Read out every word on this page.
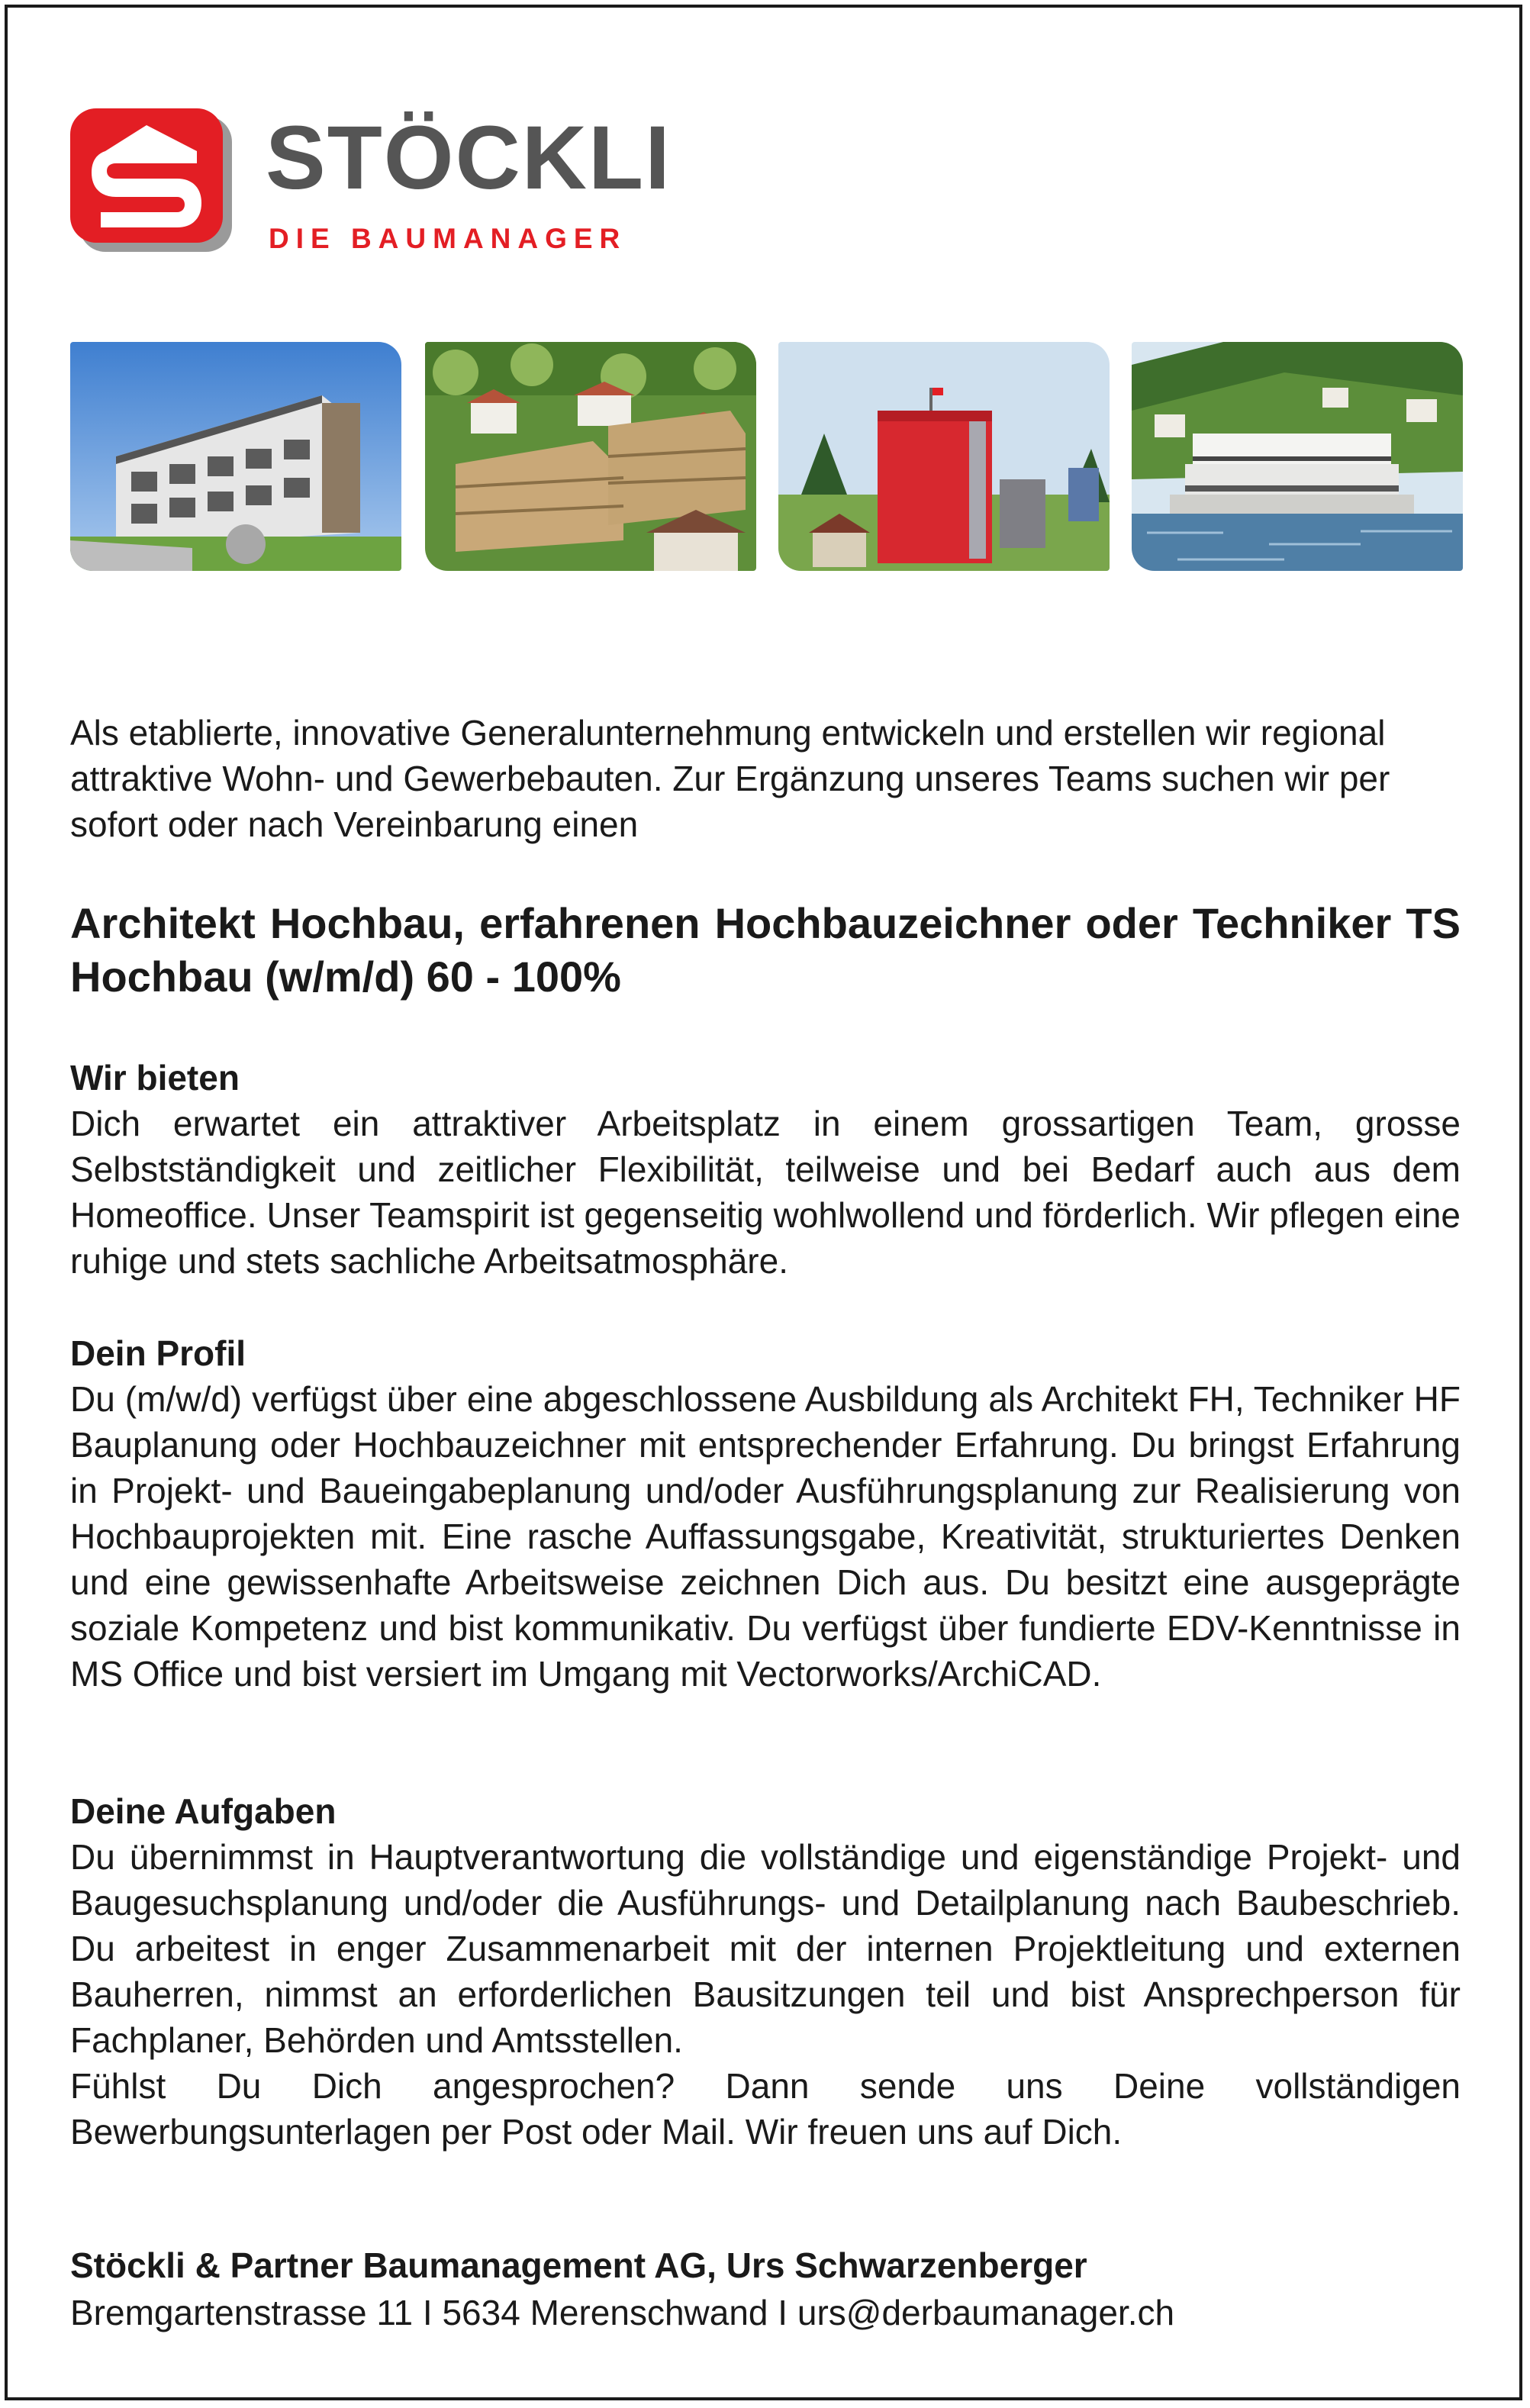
STÖCKLI
DIE BAUMANAGER
Als etablierte, innovative Generalunternehmung entwickeln und erstellen wir regional attraktive Wohn- und Gewerbebauten. Zur Ergänzung unseres Teams suchen wir per sofort oder nach Vereinbarung einen
Architekt Hochbau, erfahrenen Hochbauzeichner oder Techniker TS Hochbau (w/m/d) 60 - 100%
Wir bieten
Dich erwartet ein attraktiver Arbeitsplatz in einem grossartigen Team, grosse Selbstständigkeit und zeitlicher Flexibilität, teilweise und bei Bedarf auch aus dem Homeoffice. Unser Teamspirit ist gegenseitig wohlwollend und förderlich. Wir pflegen eine ruhige und stets sachliche Arbeitsatmosphäre.
Dein Profil
Du (m/w/d) verfügst über eine abgeschlossene Ausbildung als Architekt FH, Techniker HF Bauplanung oder Hochbauzeichner mit entsprechender Erfahrung. Du bringst Erfahrung in Projekt- und Baueingabeplanung und/oder Ausführungsplanung zur Realisierung von Hochbauprojekten mit. Eine rasche Auffassungsgabe, Kreativität, strukturiertes Denken und eine gewissenhafte Arbeitsweise zeichnen Dich aus. Du besitzt eine ausgeprägte soziale Kompetenz und bist kommunikativ. Du verfügst über fundierte EDV-Kenntnisse in MS Office und bist versiert im Umgang mit Vectorworks/ArchiCAD.
Deine Aufgaben
Du übernimmst in Hauptverantwortung die vollständige und eigenständige Projekt- und Baugesuchsplanung und/oder die Ausführungs- und Detailplanung nach Baubeschrieb. Du arbeitest in enger Zusammenarbeit mit der internen Projektleitung und externen Bauherren, nimmst an erforderlichen Bausitzungen teil und bist Ansprechperson für Fachplaner, Behörden und Amtsstellen.
Fühlst Du Dich angesprochen? Dann sende uns Deine vollständigen Bewerbungsunterlagen per Post oder Mail. Wir freuen uns auf Dich.
Stöckli & Partner Baumanagement AG, Urs Schwarzenberger
Bremgartenstrasse 11 I 5634 Merenschwand I urs@derbaumanager.ch
